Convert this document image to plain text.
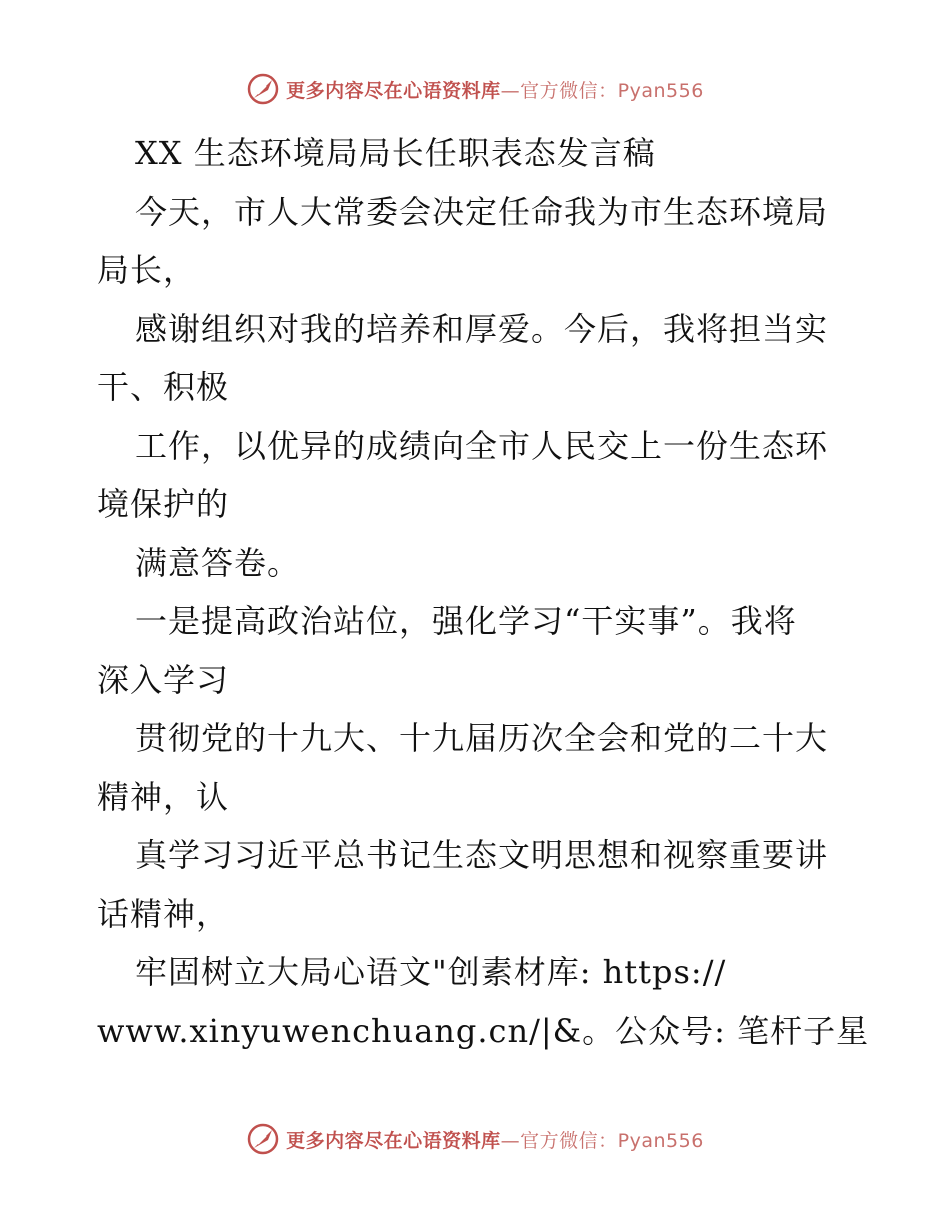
更多内容尽在心语资料库—官方微信：Pyan556
XX 生态环境局局长任职表态发言稿
今天，市人大常委会决定任命我为市生态环境局
局长，
感谢组织对我的培养和厚爱。今后，我将担当实
干、积极
工作，以优异的成绩向全市人民交上一份生态环
境保护的
满意答卷。
一是提高政治站位，强化学习“干实事”。我将
深入学习
贯彻党的十九大、十九届历次全会和党的二十大
精神，认
真学习习近平总书记生态文明思想和视察重要讲
话精神，
牢固树立大局心语文"创素材库: https://
www.xinyuwenchuang.cn/|&。公众号: 笔杆子星
更多内容尽在心语资料库—官方微信：Pyan556
